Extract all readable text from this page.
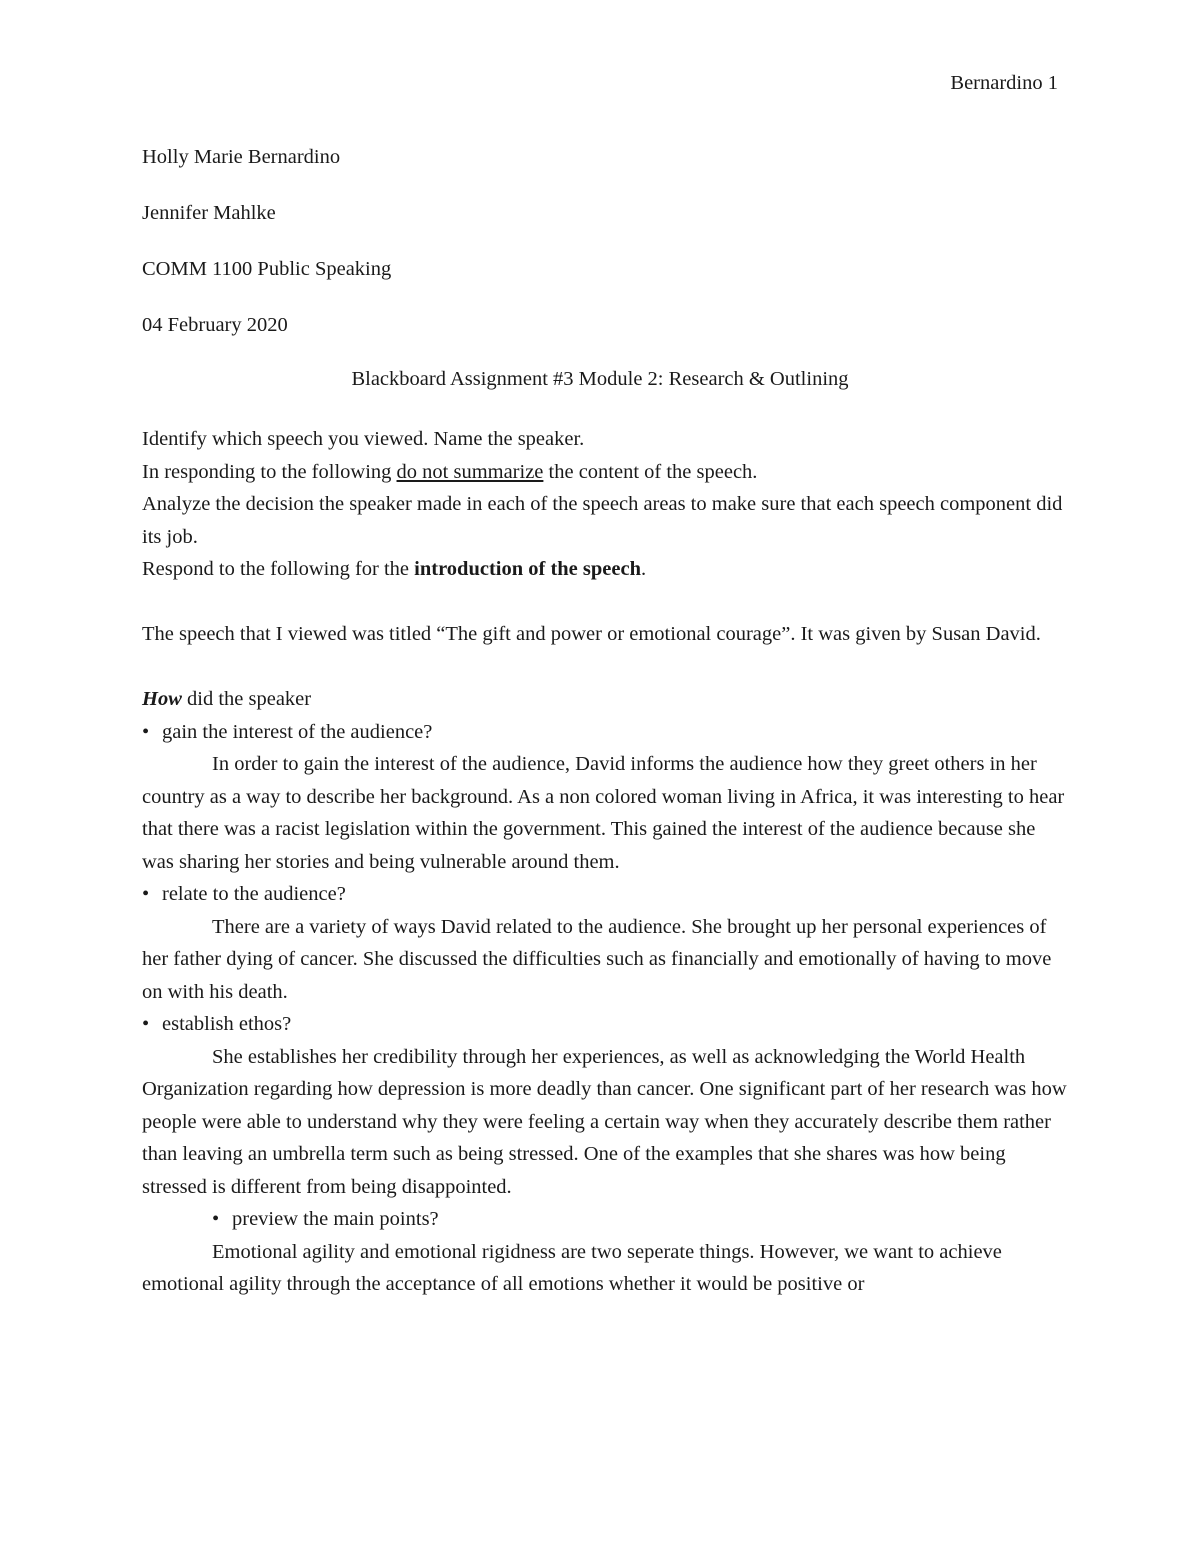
Bernardino 1
Holly Marie Bernardino
Jennifer Mahlke
COMM 1100 Public Speaking
04 February 2020
Blackboard Assignment #3 Module 2: Research & Outlining
Identify which speech you viewed. Name the speaker.
In responding to the following do not summarize the content of the speech.
Analyze the decision the speaker made in each of the speech areas to make sure that each speech component did its job.
Respond to the following for the introduction of the speech.
The speech that I viewed was titled “The gift and power or emotional courage”. It was given by Susan David.
How did the speaker
• gain the interest of the audience?
In order to gain the interest of the audience, David informs the audience how they greet others in her country as a way to describe her background. As a non colored woman living in Africa, it was interesting to hear that there was a racist legislation within the government. This gained the interest of the audience because she was sharing her stories and being vulnerable around them.
• relate to the audience?
There are a variety of ways David related to the audience. She brought up her personal experiences of her father dying of cancer. She discussed the difficulties such as financially and emotionally of having to move on with his death.
• establish ethos?
She establishes her credibility through her experiences, as well as acknowledging the World Health Organization regarding how depression is more deadly than cancer. One significant part of her research was how people were able to understand why they were feeling a certain way when they accurately describe them rather than leaving an umbrella term such as being stressed. One of the examples that she shares was how being stressed is different from being disappointed.
• preview the main points?
Emotional agility and emotional rigidness are two seperate things. However, we want to achieve emotional agility through the acceptance of all emotions whether it would be positive or
